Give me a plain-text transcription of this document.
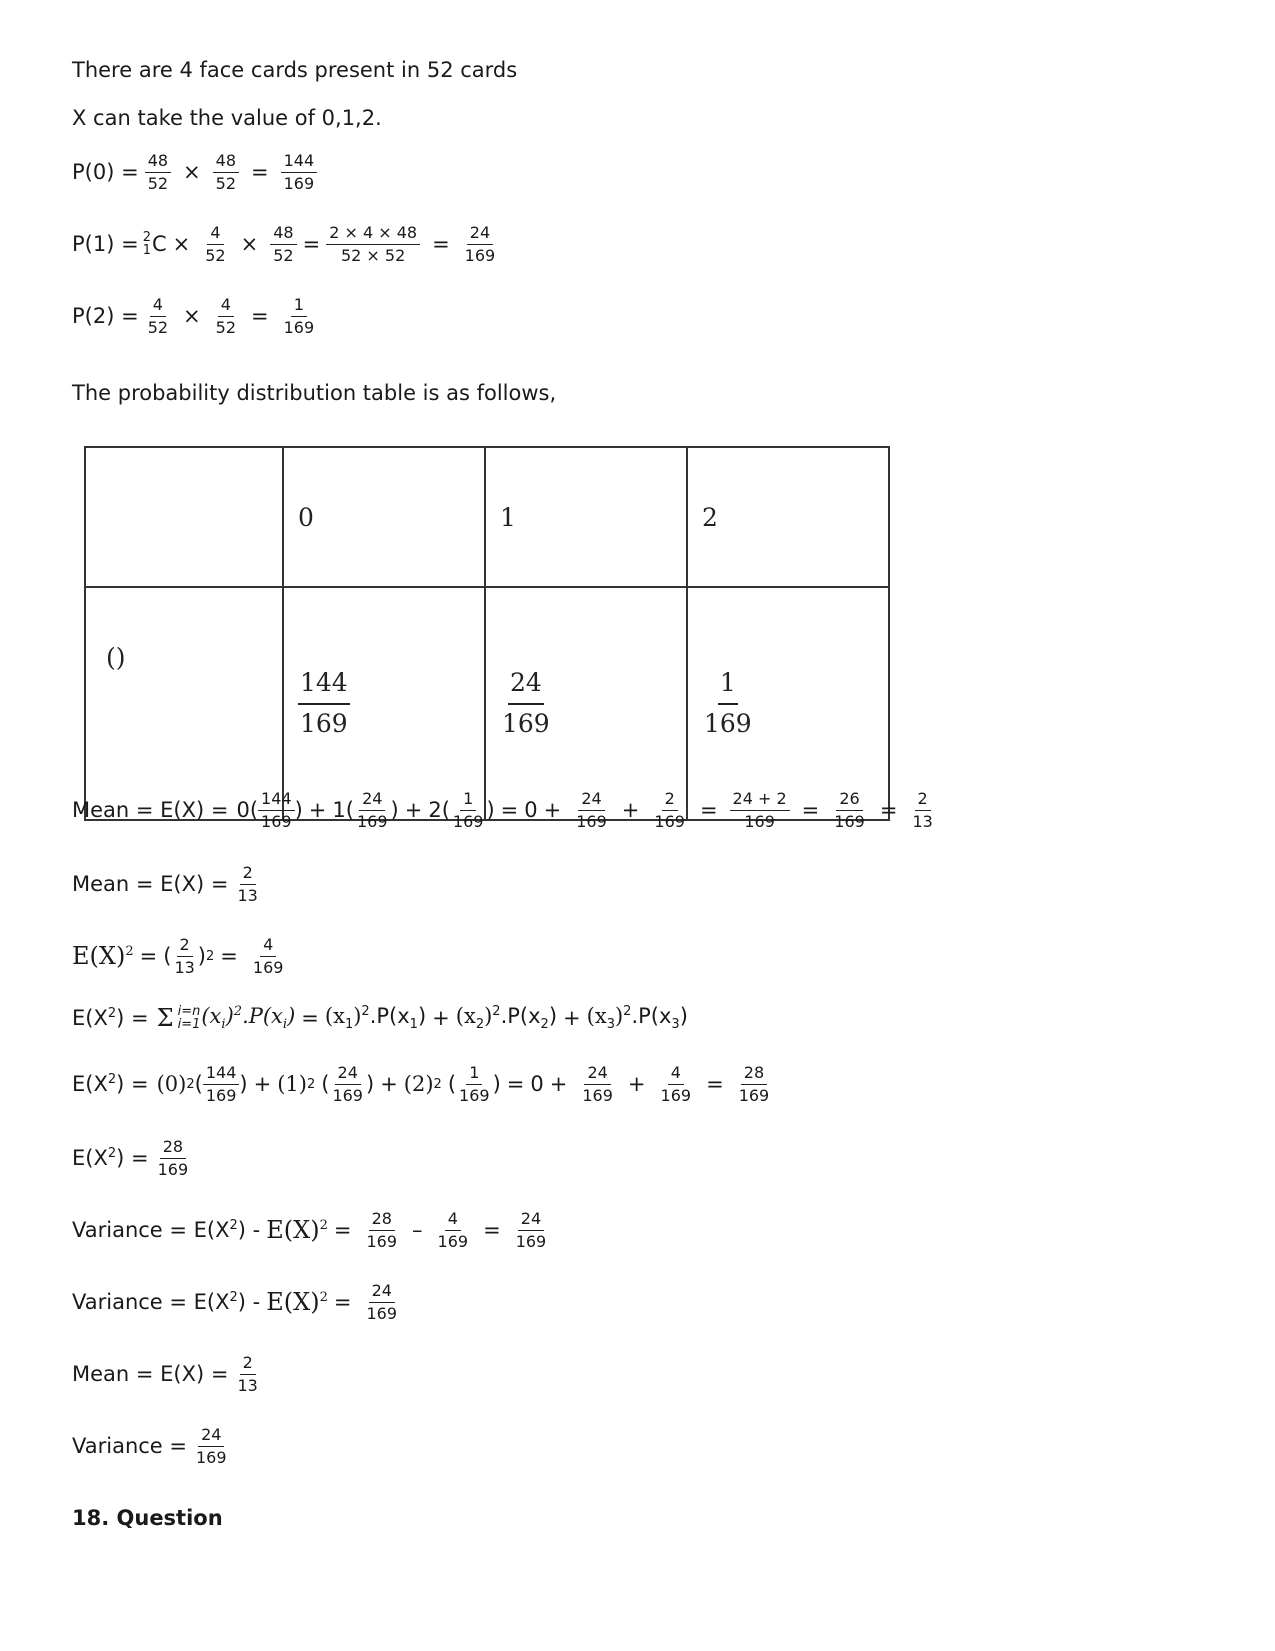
There are 4 face cards present in 52 cards
X can take the value of 0,1,2.
$P(0) = \frac{48}{52} \times \frac{48}{52} = \frac{144}{169}$
P(1) = 2
1 $C \times \frac{4}{52} \times \frac{48}{52} = \frac{2 \times 4 \times 48}{52 \times 52} = \frac{24}{169}$
$P(2) = \frac{4}{52} \times \frac{4}{52} = \frac{1}{169}$
The probability distribution table is as follows,
	0	1	2
()	$\frac{144}{169}$	$\frac{24}{169}$	$\frac{1}{169}$
Mean = $E(X) = 0( \frac{144}{169}$ ) + $1( \frac{24}{169}$ ) + $2( \frac{1}{169}$ ) = $0 + \frac{24}{169} + \frac{2}{169} = \frac{24 + 2}{169} = \frac{26}{169} = \frac{2}{13}$
Mean = $E(X) = \frac{2}{13}$
$E(X)^2$ = ( $\frac{2}{13}$ ) $2 = \frac{4}{169}$
$E(X^2) = \Sigma$ i=n
i=1 $(x_i)^2.P(x_i) = (x_1)^2.P(x_1) + (x_2)^2.P(x_2) + (x_3)^2.P(x_3)$
$E(X^2) = (0)$ 2 ( $\frac{144}{169}$ ) + (1) 2 ( $\frac{24}{169}$ ) + (2) 2 ( $\frac{1}{169}$ ) = $0 + \frac{24}{169} + \frac{4}{169} = \frac{28}{169}$
$E(X^2) = \frac{28}{169}$
Variance = $E(X^2) - E(X)^2 = \frac{28}{169} - \frac{4}{169} = \frac{24}{169}$
Variance = $E(X^2) - E(X)^2 = \frac{24}{169}$
Mean = $E(X) = \frac{2}{13}$
Variance = $\frac{24}{169}$
18. Question
